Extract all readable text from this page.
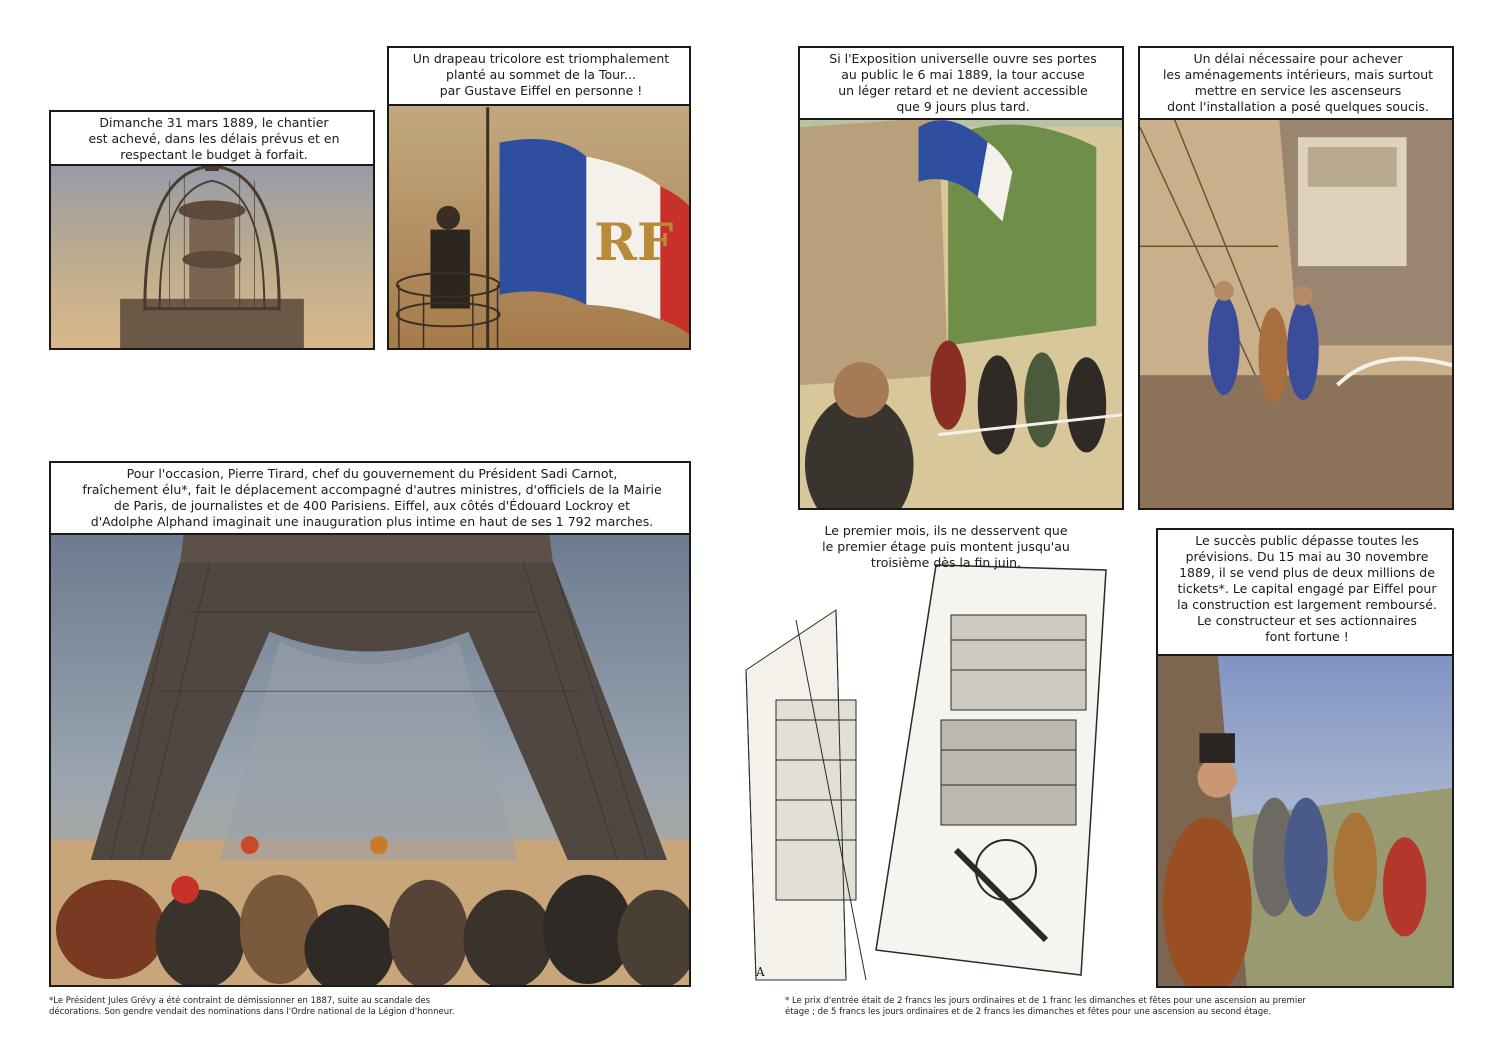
Dimanche 31 mars 1889, le chantier
est achevé, dans les délais prévus et en
respectant le budget à forfait.
RF
Un drapeau tricolore est triomphalement
planté au sommet de la Tour...
par Gustave Eiffel en personne !
Pour l'occasion, Pierre Tirard, chef du gouvernement du Président Sadi Carnot,
fraîchement élu*, fait le déplacement accompagné d'autres ministres, d'officiels de la Mairie
de Paris, de journalistes et de 400 Parisiens. Eiffel, aux côtés d'Édouard Lockroy et
d'Adolphe Alphand imaginait une inauguration plus intime en haut de ses 1 792 marches.
*Le Président Jules Grévy a été contraint de démissionner en 1887, suite au scandale des
décorations. Son gendre vendait des nominations dans l'Ordre national de la Légion d'honneur.
Si l'Exposition universelle ouvre ses portes
au public le 6 mai 1889, la tour accuse
un léger retard et ne devient accessible
que 9 jours plus tard.
Un délai nécessaire pour achever
les aménagements intérieurs, mais surtout
mettre en service les ascenseurs
dont l'installation a posé quelques soucis.
Le premier mois, ils ne desservent que
le premier étage puis montent jusqu'au
troisième dès la fin juin.
A
Le succès public dépasse toutes les
prévisions. Du 15 mai au 30 novembre
1889, il se vend plus de deux millions de
tickets*. Le capital engagé par Eiffel pour
la construction est largement remboursé.
Le constructeur et ses actionnaires
font fortune !
* Le prix d'entrée était de 2 francs les jours ordinaires et de 1 franc les dimanches et fêtes pour une ascension au premier
étage ; de 5 francs les jours ordinaires et de 2 francs les dimanches et fêtes pour une ascension au second étage.
